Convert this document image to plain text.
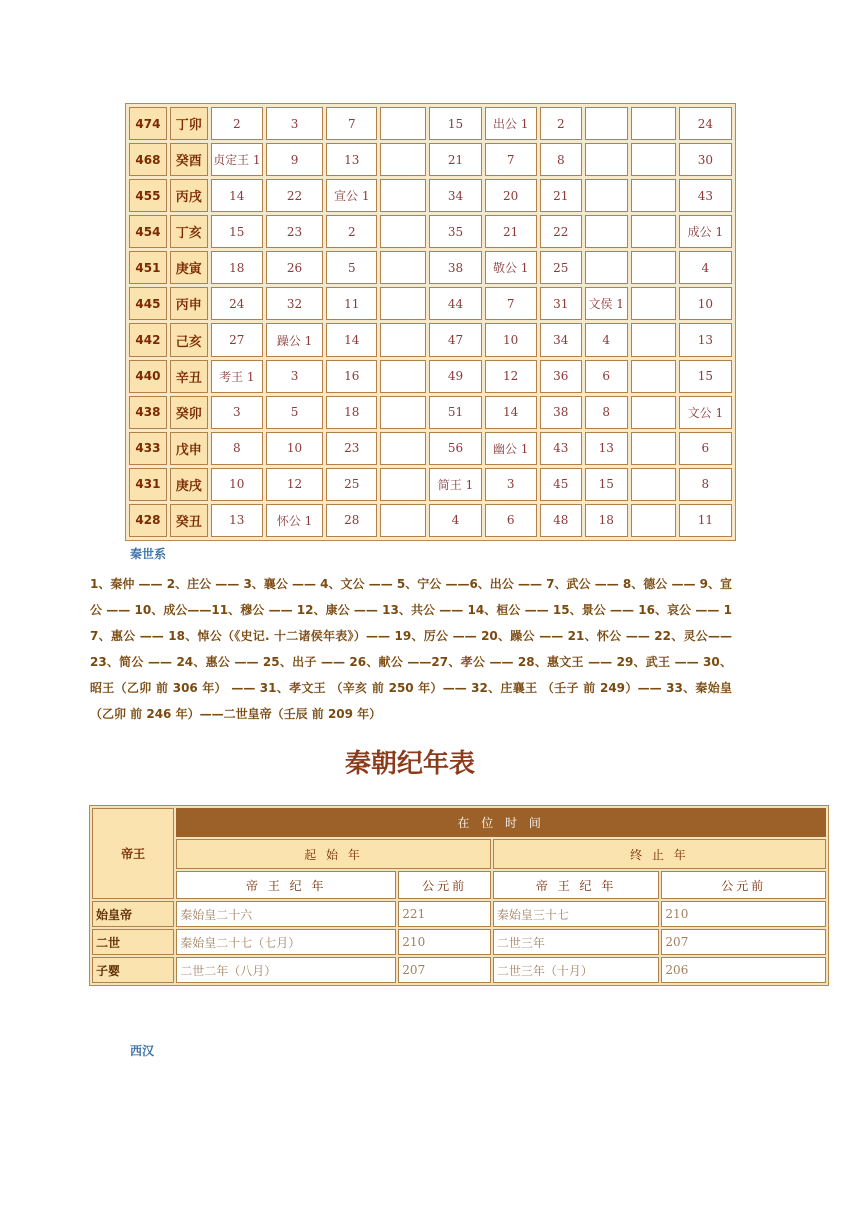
474	丁卯	2	3	7		15	出公 1	2			24
468	癸酉	贞定王 1	9	13		21	7	8			30
455	丙戌	14	22	宣公 1		34	20	21			43
454	丁亥	15	23	2		35	21	22			成公 1
451	庚寅	18	26	5		38	敬公 1	25			4
445	丙申	24	32	11		44	7	31	文侯 1		10
442	己亥	27	躁公 1	14		47	10	34	4		13
440	辛丑	考王 1	3	16		49	12	36	6		15
438	癸卯	3	5	18		51	14	38	8		文公 1
433	戊申	8	10	23		56	幽公 1	43	13		6
431	庚戌	10	12	25		简王 1	3	45	15		8
428	癸丑	13	怀公 1	28		4	6	48	18		11
秦世系
1、秦仲 —— 2、庄公 —— 3、襄公 —— 4、文公 —— 5、宁公 ——6、出公 —— 7、武公 —— 8、德公 —— 9、宣公 —— 10、成公——11、穆公 —— 12、康公 —— 13、共公 —— 14、桓公 —— 15、景公 —— 16、哀公 —— 17、惠公 —— 18、悼公（《史记. 十二诸侯年表》）—— 19、厉公 —— 20、躁公 —— 21、怀公 —— 22、灵公—— 23、简公 —— 24、惠公 —— 25、出子 —— 26、献公 ——27、孝公 —— 28、惠文王 —— 29、武王 —— 30、昭王（乙卯 前 306 年） —— 31、孝文王 （辛亥 前 250 年）—— 32、庄襄王 （壬子 前 249）—— 33、秦始皇（乙卯 前 246 年）——二世皇帝（壬辰 前 209 年）
秦朝纪年表
帝王	在 位 时 间			
	起 始 年		终 止 年	
	帝 王 纪 年	公元前	帝 王 纪 年	公元前
始皇帝	秦始皇二十六	221	秦始皇三十七	210
二世	秦始皇二十七（七月）	210	二世三年	207
子婴	二世二年（八月）	207	二世三年（十月）	206
西汉
